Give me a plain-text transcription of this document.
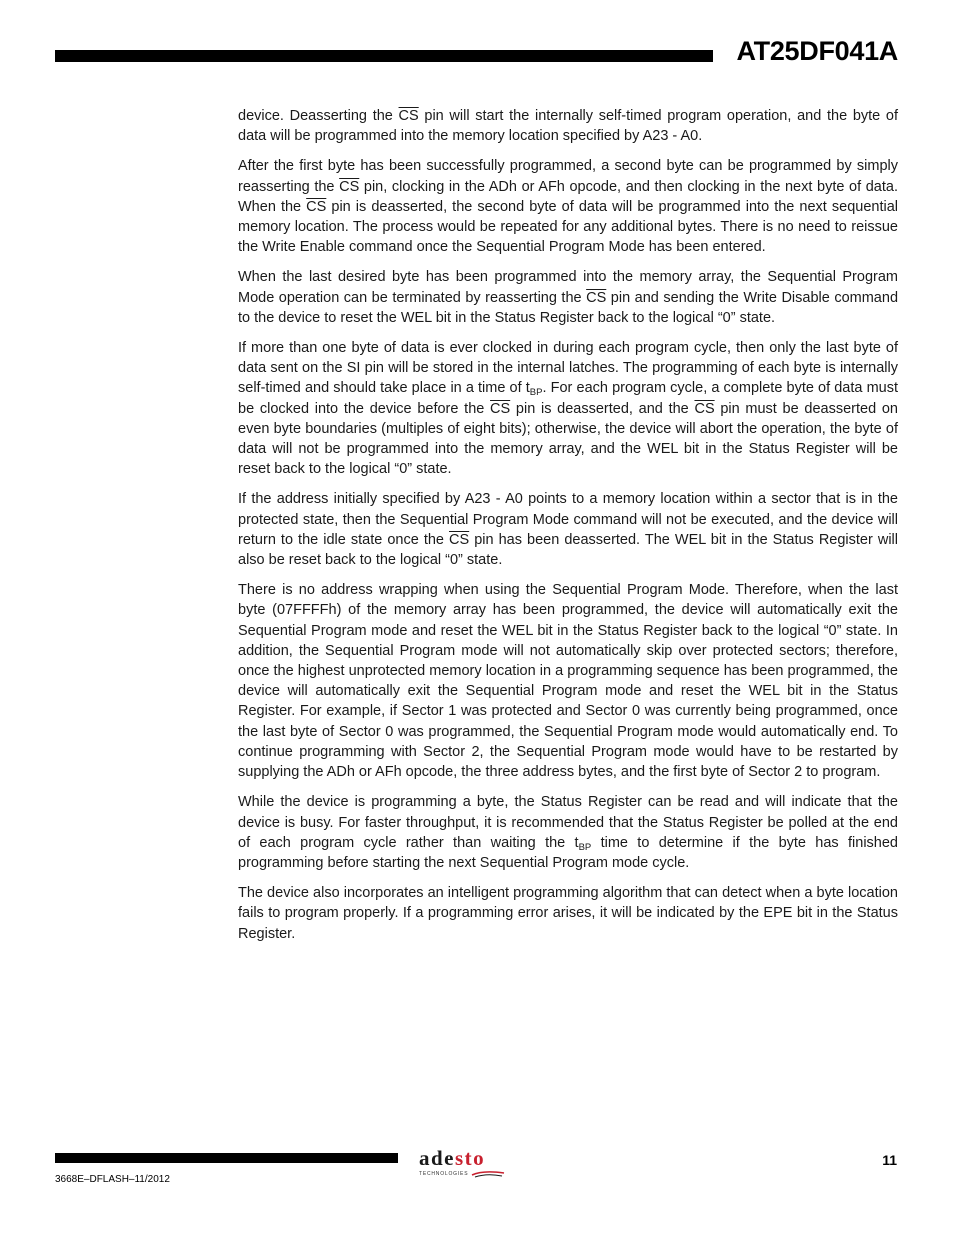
AT25DF041A

device. Deasserting the $\overline{CS}$ pin will start the internally self-timed program operation, and the byte of data will be programmed into the memory location specified by A23 - A0.

After the first byte has been successfully programmed, a second byte can be programmed by simply reasserting the $\overline{CS}$ pin, clocking in the ADh or AFh opcode, and then clocking in the next byte of data. When the $\overline{CS}$ pin is deasserted, the second byte of data will be programmed into the next sequential memory location. The process would be repeated for any additional bytes. There is no need to reissue the Write Enable command once the Sequential Program Mode has been entered.

When the last desired byte has been programmed into the memory array, the Sequential Program Mode operation can be terminated by reasserting the $\overline{CS}$ pin and sending the Write Disable command to the device to reset the WEL bit in the Status Register back to the logical “0” state.

If more than one byte of data is ever clocked in during each program cycle, then only the last byte of data sent on the SI pin will be stored in the internal latches. The programming of each byte is internally self-timed and should take place in a time of $t_{BP}$. For each program cycle, a complete byte of data must be clocked into the device before the $\overline{CS}$ pin is deasserted, and the $\overline{CS}$ pin must be deasserted on even byte boundaries (multiples of eight bits); otherwise, the device will abort the operation, the byte of data will not be programmed into the memory array, and the WEL bit in the Status Register will be reset back to the logical “0” state.

If the address initially specified by A23 - A0 points to a memory location within a sector that is in the protected state, then the Sequential Program Mode command will not be executed, and the device will return to the idle state once the $\overline{CS}$ pin has been deasserted. The WEL bit in the Status Register will also be reset back to the logical “0” state.

There is no address wrapping when using the Sequential Program Mode. Therefore, when the last byte (07FFFFh) of the memory array has been programmed, the device will automatically exit the Sequential Program mode and reset the WEL bit in the Status Register back to the logical “0” state. In addition, the Sequential Program mode will not automatically skip over protected sectors; therefore, once the highest unprotected memory location in a programming sequence has been programmed, the device will automatically exit the Sequential Program mode and reset the WEL bit in the Status Register. For example, if Sector 1 was protected and Sector 0 was currently being programmed, once the last byte of Sector 0 was programmed, the Sequential Program mode would automatically end. To continue programming with Sector 2, the Sequential Program mode would have to be restarted by supplying the ADh or AFh opcode, the three address bytes, and the first byte of Sector 2 to program.

While the device is programming a byte, the Status Register can be read and will indicate that the device is busy. For faster throughput, it is recommended that the Status Register be polled at the end of each program cycle rather than waiting the $t_{BP}$ time to determine if the byte has finished programming before starting the next Sequential Program mode cycle.

The device also incorporates an intelligent programming algorithm that can detect when a byte location fails to program properly. If a programming error arises, it will be indicated by the EPE bit in the Status Register.

3668E–DFLASH–11/2012
adesto
TECHNOLOGIES
11
